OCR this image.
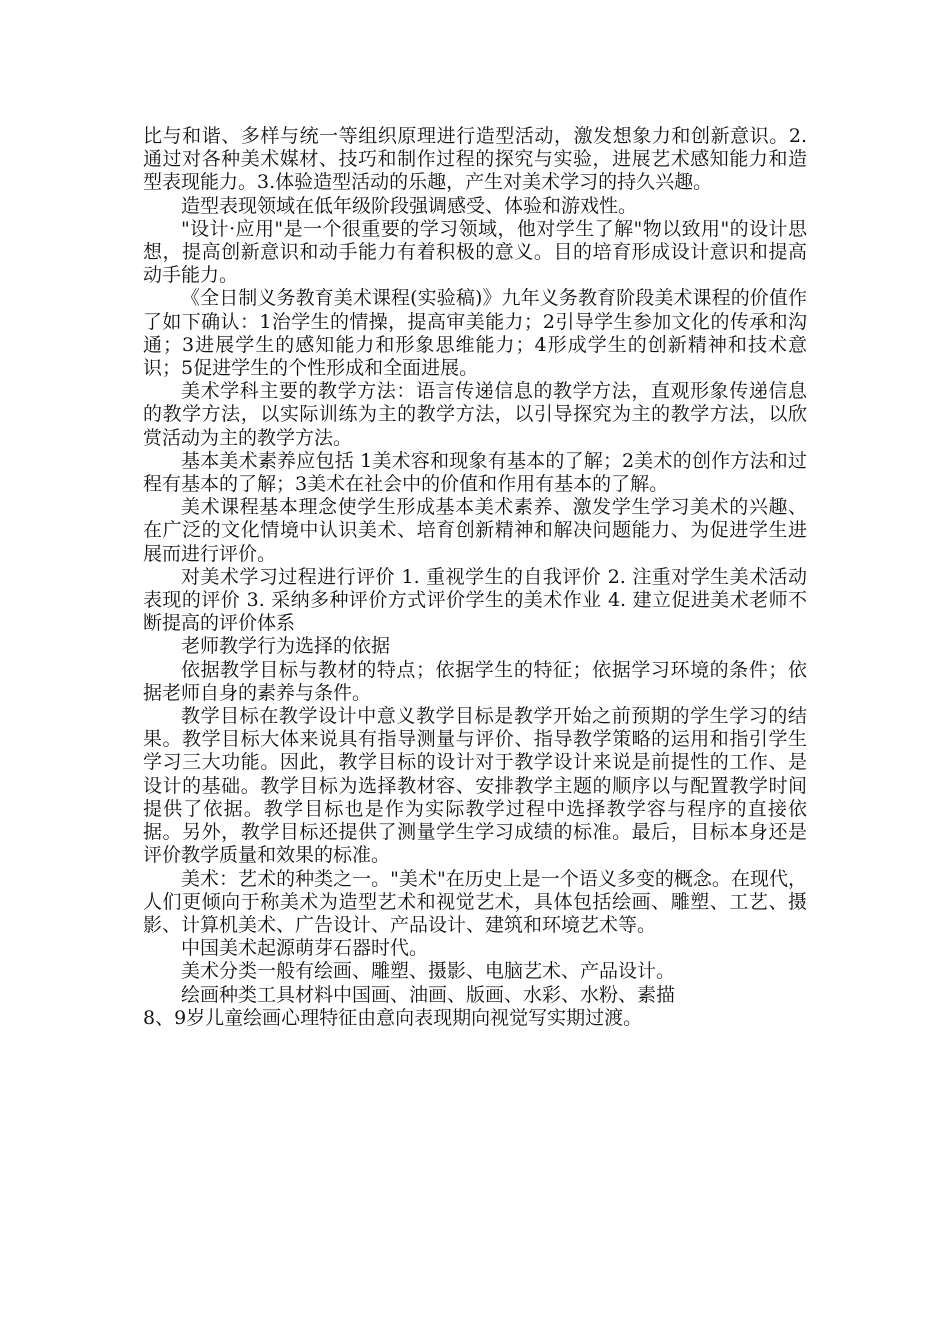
比与和谐、多样与统一等组织原理进行造型活动，激发想象力和创新意识。2.通过对各种美术媒材、技巧和制作过程的探究与实验，进展艺术感知能力和造型表现能力。3.体验造型活动的乐趣，产生对美术学习的持久兴趣。

造型表现领域在低年级阶段强调感受、体验和游戏性。

"设计·应用"是一个很重要的学习领域，他对学生了解"物以致用"的设计思想，提高创新意识和动手能力有着积极的意义。目的培育形成设计意识和提高动手能力。

《全日制义务教育美术课程(实验稿)》九年义务教育阶段美术课程的价值作了如下确认：1治学生的情操，提高审美能力；2引导学生参加文化的传承和沟通；3进展学生的感知能力和形象思维能力；4形成学生的创新精神和技术意识；5促进学生的个性形成和全面进展。

美术学科主要的教学方法：语言传递信息的教学方法，直观形象传递信息的教学方法，以实际训练为主的教学方法，以引导探究为主的教学方法，以欣赏活动为主的教学方法。

基本美术素养应包括 1美术容和现象有基本的了解；2美术的创作方法和过程有基本的了解；3美术在社会中的价值和作用有基本的了解。

美术课程基本理念使学生形成基本美术素养、激发学生学习美术的兴趣、在广泛的文化情境中认识美术、培育创新精神和解决问题能力、为促进学生进展而进行评价。

对美术学习过程进行评价 1. 重视学生的自我评价 2. 注重对学生美术活动表现的评价 3. 采纳多种评价方式评价学生的美术作业 4. 建立促进美术老师不断提高的评价体系

老师教学行为选择的依据

依据教学目标与教材的特点；依据学生的特征；依据学习环境的条件；依据老师自身的素养与条件。

教学目标在教学设计中意义教学目标是教学开始之前预期的学生学习的结果。教学目标大体来说具有指导测量与评价、指导教学策略的运用和指引学生学习三大功能。因此，教学目标的设计对于教学设计来说是前提性的工作、是设计的基础。教学目标为选择教材容、安排教学主题的顺序以与配置教学时间提供了依据。教学目标也是作为实际教学过程中选择教学容与程序的直接依据。另外，教学目标还提供了测量学生学习成绩的标准。最后，目标本身还是评价教学质量和效果的标准。

美术：艺术的种类之一。"美术"在历史上是一个语义多变的概念。在现代，人们更倾向于称美术为造型艺术和视觉艺术，具体包括绘画、雕塑、工艺、摄影、计算机美术、广告设计、产品设计、建筑和环境艺术等。

中国美术起源萌芽石器时代。

美术分类一般有绘画、雕塑、摄影、电脑艺术、产品设计。

绘画种类工具材料中国画、油画、版画、水彩、水粉、素描

8、9岁儿童绘画心理特征由意向表现期向视觉写实期过渡。
